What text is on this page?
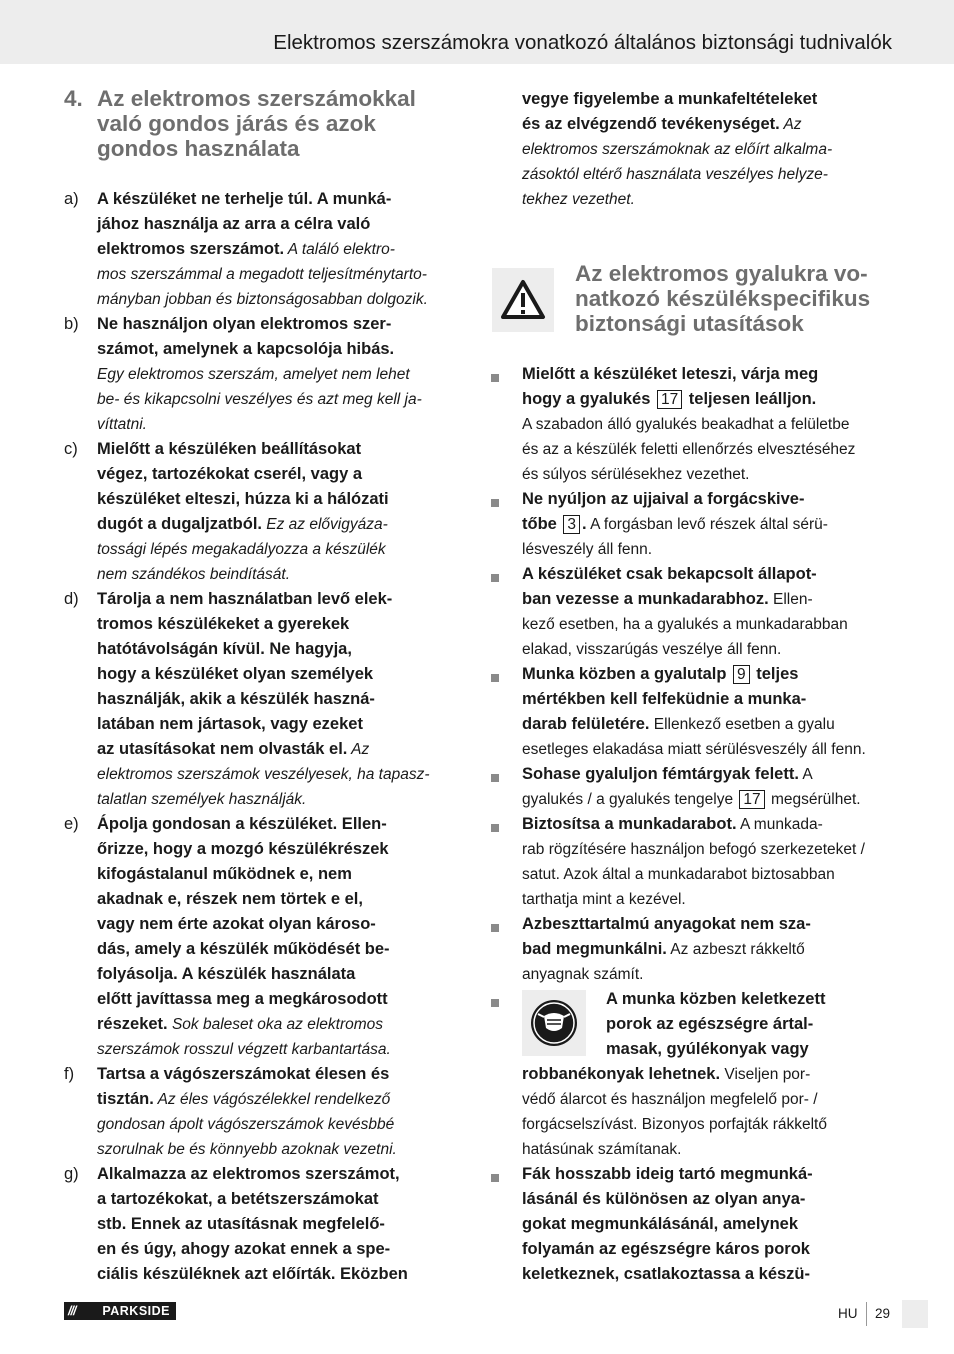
Elektromos szerszámokra vonatkozó általános biztonsági tudnivalók
4. Az elektromos szerszámokkal
való gondos járás és azok
gondos használata
a) A készüléket ne terhelje túl. A munká-
jához használja az arra a célra való
elektromos szerszámot. A találó elektro-
mos szerszámmal a megadott teljesítménytarto-
mányban jobban és biztonságosabban dolgozik.
b) Ne használjon olyan elektromos szer-
számot, amelynek a kapcsolója hibás.
Egy elektromos szerszám, amelyet nem lehet
be- és kikapcsolni veszélyes és azt meg kell ja-
víttatni.
c) Mielőtt a készüléken beállításokat
végez, tartozékokat cserél, vagy a
készüléket elteszi, húzza ki a hálózati
dugót a dugaljzatból. Ez az elővigyáza-
tossági lépés megakadályozza a készülék
nem szándékos beindítását.
d) Tárolja a nem használatban levő elek-
tromos készülékeket a gyerekek
hatótávolságán kívül. Ne hagyja,
hogy a készüléket olyan személyek
használják, akik a készülék haszná-
latában nem jártasok, vagy ezeket
az utasításokat nem olvasták el. Az
elektromos szerszámok veszélyesek, ha tapasz-
talatlan személyek használják.
e) Ápolja gondosan a készüléket. Ellen-
őrizze, hogy a mozgó készülékrészek
kifogástalanul működnek e, nem
akadnak e, részek nem törtek e el,
vagy nem érte azokat olyan károso-
dás, amely a készülék működését be-
folyásolja. A készülék használata
előtt javíttassa meg a megkárosodott
részeket. Sok baleset oka az elektromos
szerszámok rosszul végzett karbantartása.
f) Tartsa a vágószerszámokat élesen és
tisztán. Az éles vágószélekkel rendelkező
gondosan ápolt vágószerszámok kevésbbé
szorulnak be és könnyebb azoknak vezetni.
g) Alkalmazza az elektromos szerszámot,
a tartozékokat, a betétszerszámokat
stb. Ennek az utasításnak megfelelő-
en és úgy, ahogy azokat ennek a spe-
ciális készüléknek azt előírták. Eközben
vegye figyelembe a munkafeltételeket
és az elvégzendő tevékenységet. Az
elektromos szerszámoknak az előírt alkalma-
zásoktól eltérő használata veszélyes helyze-
tekhez vezethet.
Az elektromos gyalukra vo-
natkozó készülékspecifikus
biztonsági utasítások
Mielőtt a készüléket leteszi, várja meg
hogy a gyalukés 17 teljesen leálljon.
A szabadon álló gyalukés beakadhat a felületbe
és az a készülék feletti ellenőrzés elvesztéséhez
és súlyos sérülésekhez vezethet.
Ne nyúljon az ujjaival a forgácskive-
tőbe 3 . A forgásban levő részek által sérü-
lésveszély áll fenn.
A készüléket csak bekapcsolt állapot-
ban vezesse a munkadarabhoz. Ellen-
kező esetben, ha a gyalukés a munkadarabban
elakad, visszarúgás veszélye áll fenn.
Munka közben a gyalutalp 9 teljes
mértékben kell felfeküdnie a munka-
darab felületére. Ellenkező esetben a gyalu
esetleges elakadása miatt sérülésveszély áll fenn.
Sohase gyaluljon fémtárgyak felett. A
gyalukés / a gyalukés tengelye 17 megsérülhet.
Biztosítsa a munkadarabot. A munkada-
rab rögzítésére használjon befogó szerkezeteket /
satut. Azok által a munkadarabot biztosabban
tarthatja mint a kezével.
Azbeszttartalmú anyagokat nem sza-
bad megmunkálni. Az azbeszt rákkeltő
anyagnak számít.
A munka közben keletkezett
porok az egészségre ártal-
masak, gyúlékonyak vagy
robbanékonyak lehetnek. Viseljen por-
védő álarcot és használjon megfelelő por- /
forgácselszívást. Bizonyos porfajták rákkeltő
hatásúnak számítanak.
Fák hosszabb ideig tartó megmunká-
lásánál és különösen az olyan anya-
gokat megmunkálásánál, amelynek
folyamán az egészségre káros porok
keletkeznek, csatlakoztassa a készü-
/// PARKSIDE	HU 29
